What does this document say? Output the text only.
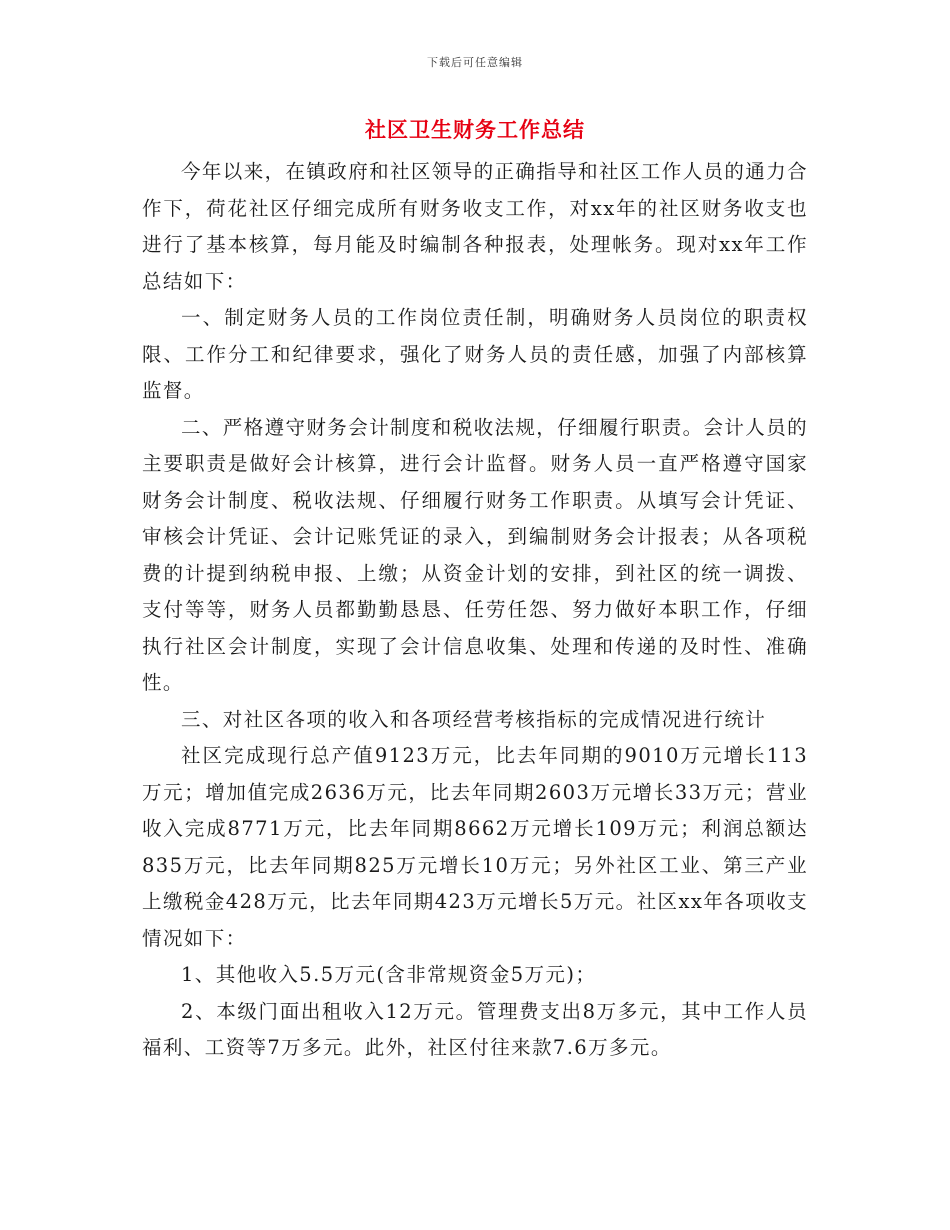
下载后可任意编辑
社区卫生财务工作总结

今年以来，在镇政府和社区领导的正确指导和社区工作人员的通力合作下，荷花社区仔细完成所有财务收支工作，对xx年的社区财务收支也进行了基本核算，每月能及时编制各种报表，处理帐务。现对xx年工作总结如下：

一、制定财务人员的工作岗位责任制，明确财务人员岗位的职责权限、工作分工和纪律要求，强化了财务人员的责任感，加强了内部核算监督。

二、严格遵守财务会计制度和税收法规，仔细履行职责。会计人员的主要职责是做好会计核算，进行会计监督。财务人员一直严格遵守国家财务会计制度、税收法规、仔细履行财务工作职责。从填写会计凭证、审核会计凭证、会计记账凭证的录入，到编制财务会计报表；从各项税费的计提到纳税申报、上缴；从资金计划的安排，到社区的统一调拨、支付等等，财务人员都勤勤恳恳、任劳任怨、努力做好本职工作，仔细执行社区会计制度，实现了会计信息收集、处理和传递的及时性、准确性。

三、对社区各项的收入和各项经营考核指标的完成情况进行统计

社区完成现行总产值9123万元，比去年同期的9010万元增长113万元；增加值完成2636万元，比去年同期2603万元增长33万元；营业收入完成8771万元，比去年同期8662万元增长109万元；利润总额达835万元，比去年同期825万元增长10万元；另外社区工业、第三产业上缴税金428万元，比去年同期423万元增长5万元。社区xx年各项收支情况如下：

1、其他收入5.5万元(含非常规资金5万元)；

2、本级门面出租收入12万元。管理费支出8万多元，其中工作人员福利、工资等7万多元。此外，社区付往来款7.6万多元。
